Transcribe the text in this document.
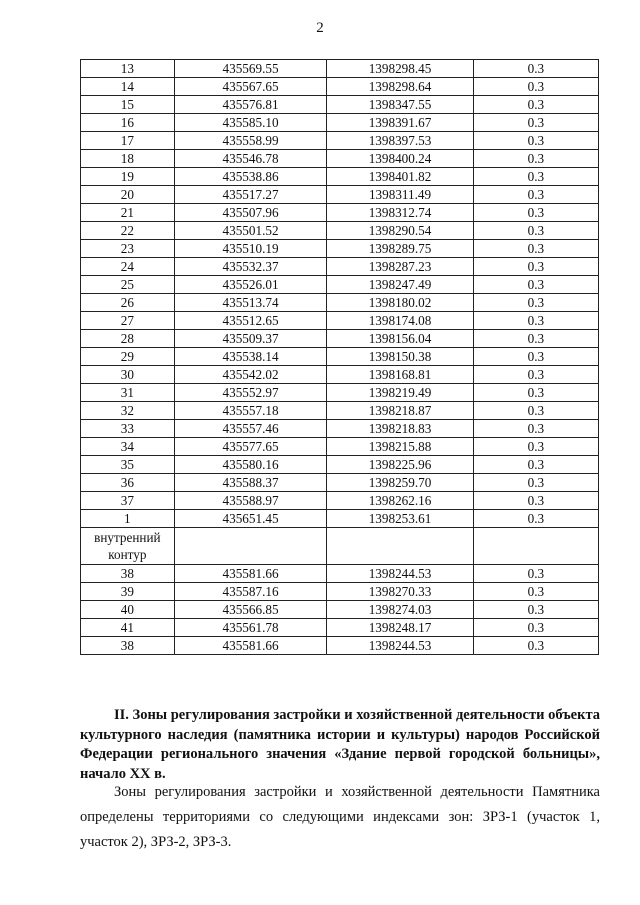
2
13	435569.55	1398298.45	0.3
14	435567.65	1398298.64	0.3
15	435576.81	1398347.55	0.3
16	435585.10	1398391.67	0.3
17	435558.99	1398397.53	0.3
18	435546.78	1398400.24	0.3
19	435538.86	1398401.82	0.3
20	435517.27	1398311.49	0.3
21	435507.96	1398312.74	0.3
22	435501.52	1398290.54	0.3
23	435510.19	1398289.75	0.3
24	435532.37	1398287.23	0.3
25	435526.01	1398247.49	0.3
26	435513.74	1398180.02	0.3
27	435512.65	1398174.08	0.3
28	435509.37	1398156.04	0.3
29	435538.14	1398150.38	0.3
30	435542.02	1398168.81	0.3
31	435552.97	1398219.49	0.3
32	435557.18	1398218.87	0.3
33	435557.46	1398218.83	0.3
34	435577.65	1398215.88	0.3
35	435580.16	1398225.96	0.3
36	435588.37	1398259.70	0.3
37	435588.97	1398262.16	0.3
1	435651.45	1398253.61	0.3
внутренний контур			
38	435581.66	1398244.53	0.3
39	435587.16	1398270.33	0.3
40	435566.85	1398274.03	0.3
41	435561.78	1398248.17	0.3
38	435581.66	1398244.53	0.3
II. Зоны регулирования застройки и хозяйственной деятельности объекта культурного наследия (памятника истории и культуры) народов Российской Федерации регионального значения «Здание первой городской больницы», начало XX в.
Зоны регулирования застройки и хозяйственной деятельности Памятника определены территориями со следующими индексами зон: ЗРЗ-1 (участок 1, участок 2), ЗРЗ-2, ЗРЗ-3.
